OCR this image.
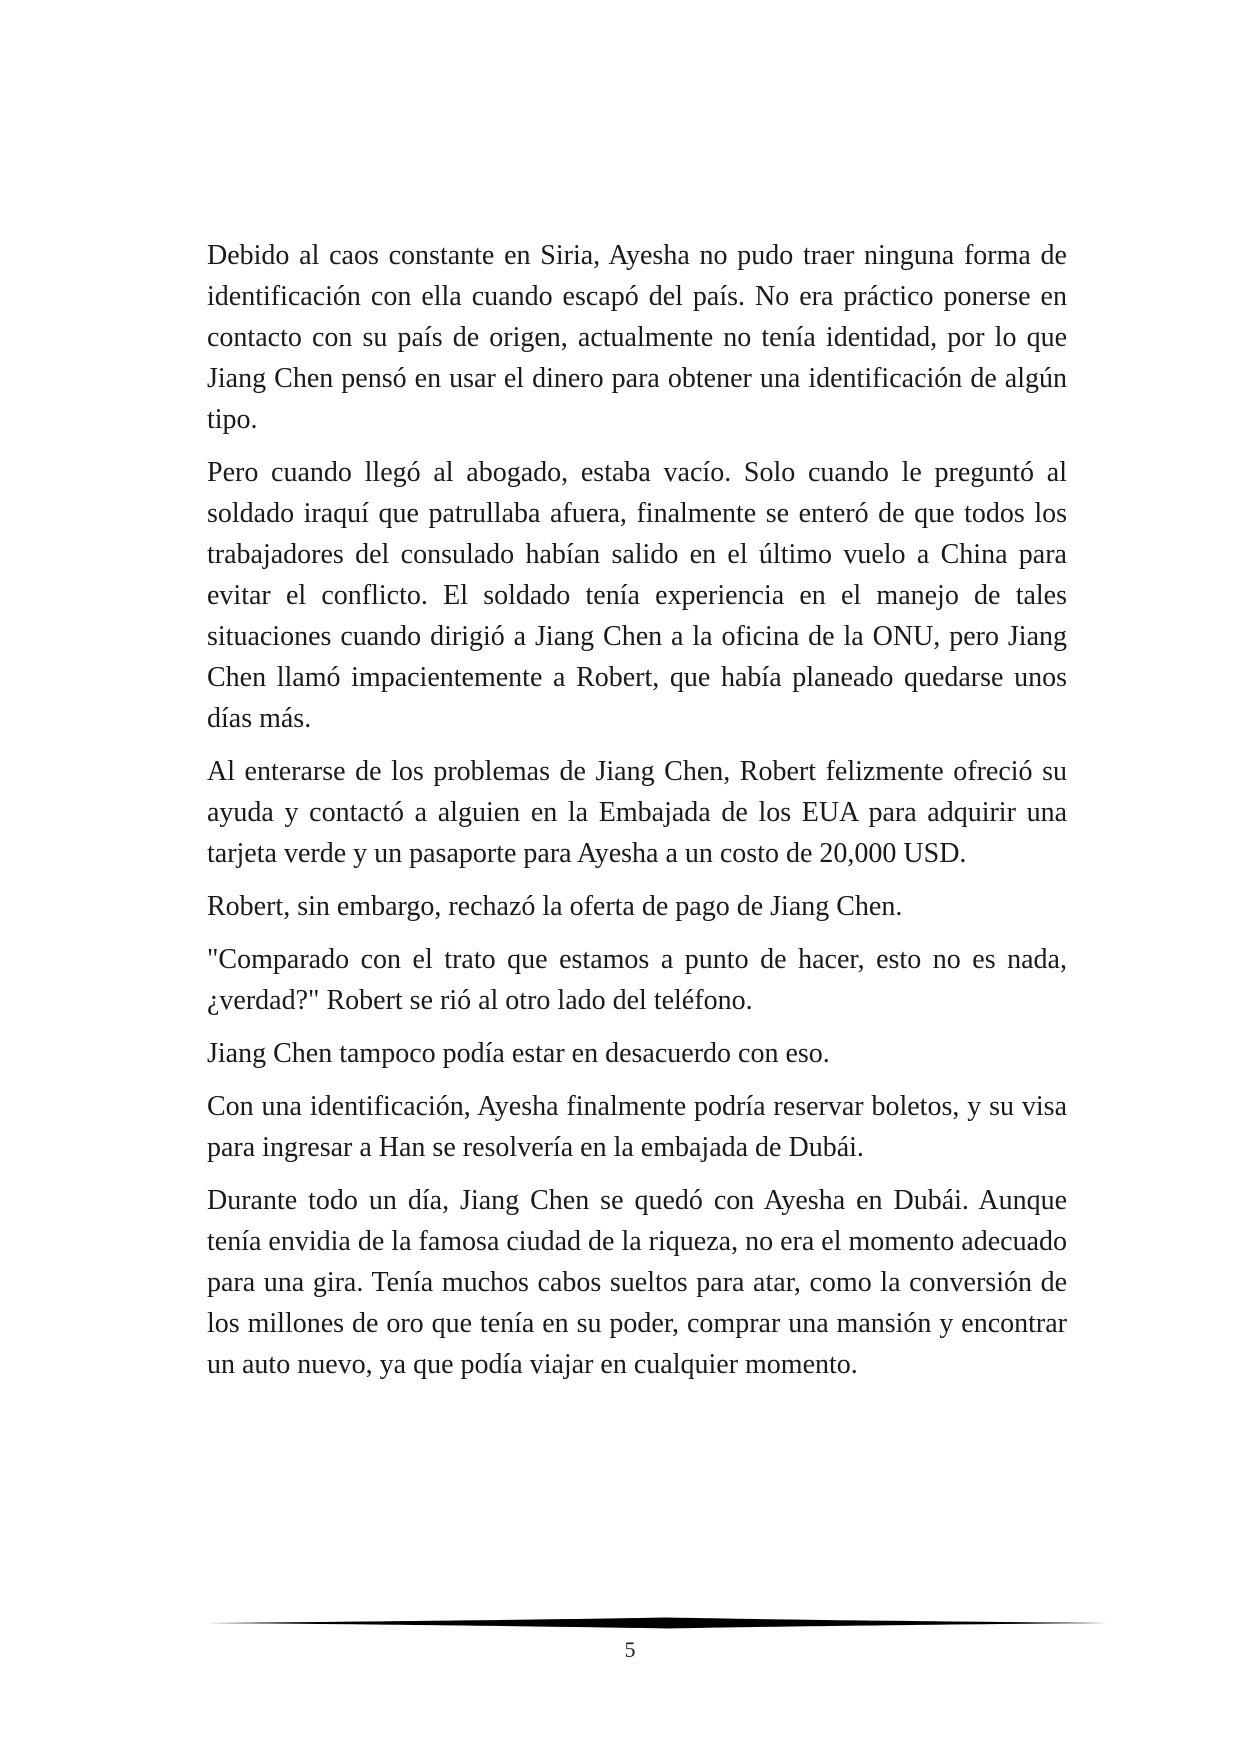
Debido al caos constante en Siria, Ayesha no pudo traer ninguna forma de identificación con ella cuando escapó del país. No era práctico ponerse en contacto con su país de origen, actualmente no tenía identidad, por lo que Jiang Chen pensó en usar el dinero para obtener una identificación de algún tipo.

Pero cuando llegó al abogado, estaba vacío. Solo cuando le preguntó al soldado iraquí que patrullaba afuera, finalmente se enteró de que todos los trabajadores del consulado habían salido en el último vuelo a China para evitar el conflicto. El soldado tenía experiencia en el manejo de tales situaciones cuando dirigió a Jiang Chen a la oficina de la ONU, pero Jiang Chen llamó impacientemente a Robert, que había planeado quedarse unos días más.

Al enterarse de los problemas de Jiang Chen, Robert felizmente ofreció su ayuda y contactó a alguien en la Embajada de los EUA para adquirir una tarjeta verde y un pasaporte para Ayesha a un costo de 20,000 USD.

Robert, sin embargo, rechazó la oferta de pago de Jiang Chen.

"Comparado con el trato que estamos a punto de hacer, esto no es nada, ¿verdad?" Robert se rió al otro lado del teléfono.

Jiang Chen tampoco podía estar en desacuerdo con eso.

Con una identificación, Ayesha finalmente podría reservar boletos, y su visa para ingresar a Han se resolvería en la embajada de Dubái.

Durante todo un día, Jiang Chen se quedó con Ayesha en Dubái. Aunque tenía envidia de la famosa ciudad de la riqueza, no era el momento adecuado para una gira. Tenía muchos cabos sueltos para atar, como la conversión de los millones de oro que tenía en su poder, comprar una mansión y encontrar un auto nuevo, ya que podía viajar en cualquier momento.

5
